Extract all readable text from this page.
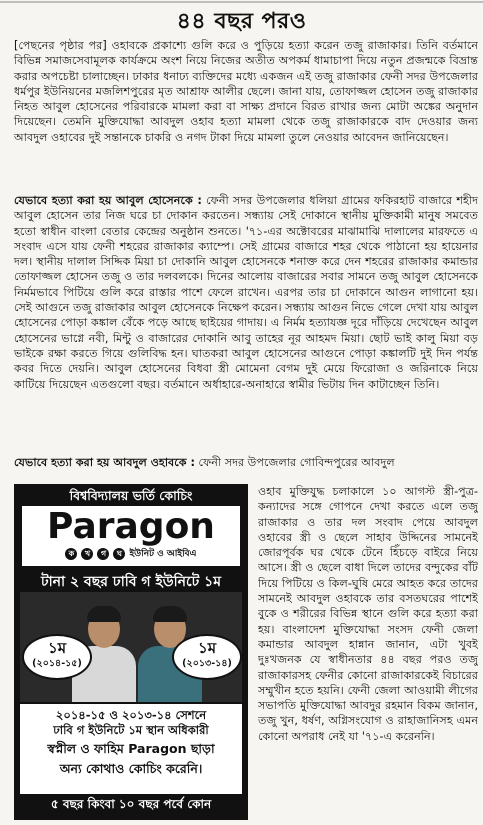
৪৪ বছর পরও
[পেছনের পৃষ্ঠার পর] ওহাবকে প্রকাশ্যে গুলি করে ও পুড়িয়ে হত্যা করেন তজু রাজাকার। তিনি বর্তমানে বিভিন্ন সমাজসেবামূলক কার্যক্রমে অংশ নিয়ে নিজের অতীত অপকর্ম ধামাচাপা দিয়ে নতুন প্রজন্মকে বিভ্রান্ত করার অপচেষ্টা চালাচ্ছেন। ঢাকার ধনাঢ্য ব্যক্তিদের মধ্যে একজন এই তজু রাজাকার ফেনী সদর উপজেলার ধর্মপুর ইউনিয়নের মজলিশপুরের মৃত আশ্রাফ আলীর ছেলে। জানা যায়, তোফাজ্জল হোসেন তজু রাজাকার নিহত আবুল হোসেনের পরিবারকে মামলা করা বা সাক্ষ্য প্রদানে বিরত রাখার জন্য মোটা অঙ্কের অনুদান দিয়েছেন। তেমনি মুক্তিযোদ্ধা আবদুল ওহাব হত্যা মামলা থেকে তজু রাজাকারকে বাদ দেওয়ার জন্য আবদুল ওহাবের দুই সন্তানকে চাকরি ও নগদ টাকা দিয়ে মামলা তুলে নেওয়ার আবেদন জানিয়েছেন।
যেভাবে হত্যা করা হয় আবুল হোসেনকে : ফেনী সদর উপজেলার ধলিয়া গ্রামের ফকিরহাট বাজারে শহীদ আবুল হোসেন তার নিজ ঘরে চা দোকান করতেন। সন্ধ্যায় সেই দোকানে স্থানীয় মুক্তিকামী মানুষ সমবেত হতো স্বাধীন বাংলা বেতার কেন্দ্রের অনুষ্ঠান শুনতে। '৭১-এর অক্টোবরের মাঝামাঝি দালালের মারফতে এ সংবাদ এসে যায় ফেনী শহরের রাজাকার ক্যাম্পে। সেই গ্রামের বাজারে শহর থেকে পাঠানো হয় হায়েনার দল। স্থানীয় দালাল সিদ্দিক মিয়া চা দোকানি আবুল হোসেনকে শনাক্ত করে দেন শহরের রাজাকার কমান্ডার তোফাজ্জল হোসেন তজু ও তার দলবলকে। দিনের আলোয় বাজারের সবার সামনে তজু আবুল হোসেনকে নির্মমভাবে পিটিয়ে গুলি করে রাস্তার পাশে ফেলে রাখেন। এরপর তার চা দোকানে আগুন লাগানো হয়। সেই আগুনে তজু রাজাকার আবুল হোসেনকে নিক্ষেপ করেন। সন্ধ্যায় আগুন নিভে গেলে দেখা যায় আবুল হোসেনের পোড়া কঙ্কাল বেঁকে পড়ে আছে ছাইয়ের গাদায়। এ নির্মম হত্যাযজ্ঞ দূরে দাঁড়িয়ে দেখেছেন আবুল হোসেনের ভাগ্নে নবী, মিন্টু ও বাজারের দোকানি আবু তাহের নূর আহমদ মিয়া। ছোট ভাই কালু মিয়া বড় ভাইকে রক্ষা করতে গিয়ে গুলিবিদ্ধ হন। ঘাতকরা আবুল হোসেনের আগুনে পোড়া কঙ্কালটি দুই দিন পর্যন্ত কবর দিতে দেয়নি। আবুল হোসেনের বিধবা স্ত্রী মোমেনা বেগম দুই মেয়ে ফিরোজা ও জরিনাকে নিয়ে কাটিয়ে দিয়েছেন এতগুলো বছর। বর্তমানে অর্ধাহারে-অনাহারে স্বামীর ভিটায় দিন কাটাচ্ছেন তিনি।
যেভাবে হত্যা করা হয় আবদুল ওহাবকে : ফেনী সদর উপজেলার গোবিন্দপুরের আবদুল
বিশ্ববিদ্যালয় ভর্তি কোচিং
Paragon
ক	খ	গ	ঘ ইউনিট ও আইবিএ
টানা ২ বছর ঢাবি গ ইউনিটে ১ম
১ম
(২০১৪-১৫)
১ম
(২০১৩-১৪)
২০১৪-১৫ ও ২০১৩-১৪ সেশনে
ঢাবি গ ইউনিটে ১ম স্থান অধিকারী
স্বপ্নীল ও ফাহিম Paragon ছাড়া
অন্য কোথাও কোচিং করেনি।
৫ বছর কিংবা ১০ বছর পর্বে কোন
ওহাব মুক্তিযুদ্ধ চলাকালে ১০ আগস্ট স্ত্রী-পুত্র-কন্যাদের সঙ্গে গোপনে দেখা করতে এলে তজু রাজাকার ও তার দল সংবাদ পেয়ে আবদুল ওহাবের স্ত্রী ও ছেলে সাহাব উদ্দিনের সামনেই জোরপূর্বক ঘর থেকে টেনে হিঁচড়ে বাইরে নিয়ে আসে। স্ত্রী ও ছেলে বাধা দিলে তাদের বন্দুকের বাঁট দিয়ে পিটিয়ে ও কিল-ঘুষি মেরে আহত করে তাদের সামনেই আবদুল ওহাবকে তার বসতঘরের পাশেই বুকে ও শরীরের বিভিন্ন স্থানে গুলি করে হত্যা করা হয়। বাংলাদেশ মুক্তিযোদ্ধা সংসদ ফেনী জেলা কমান্ডার আবদুল হান্নান জানান, এটা খুবই দুঃখজনক যে স্বাধীনতার ৪৪ বছর পরও তজু রাজাকারসহ ফেনীর কোনো রাজাকারকেই বিচারের সম্মুখীন হতে হয়নি। ফেনী জেলা আওয়ামী লীগের সভাপতি মুক্তিযোদ্ধা আবদুর রহমান বিকম জানান, তজু খুন, ধর্ষণ, অগ্নিসংযোগ ও রাহাজানিসহ এমন কোনো অপরাধ নেই যা '৭১-এ করেননি।
